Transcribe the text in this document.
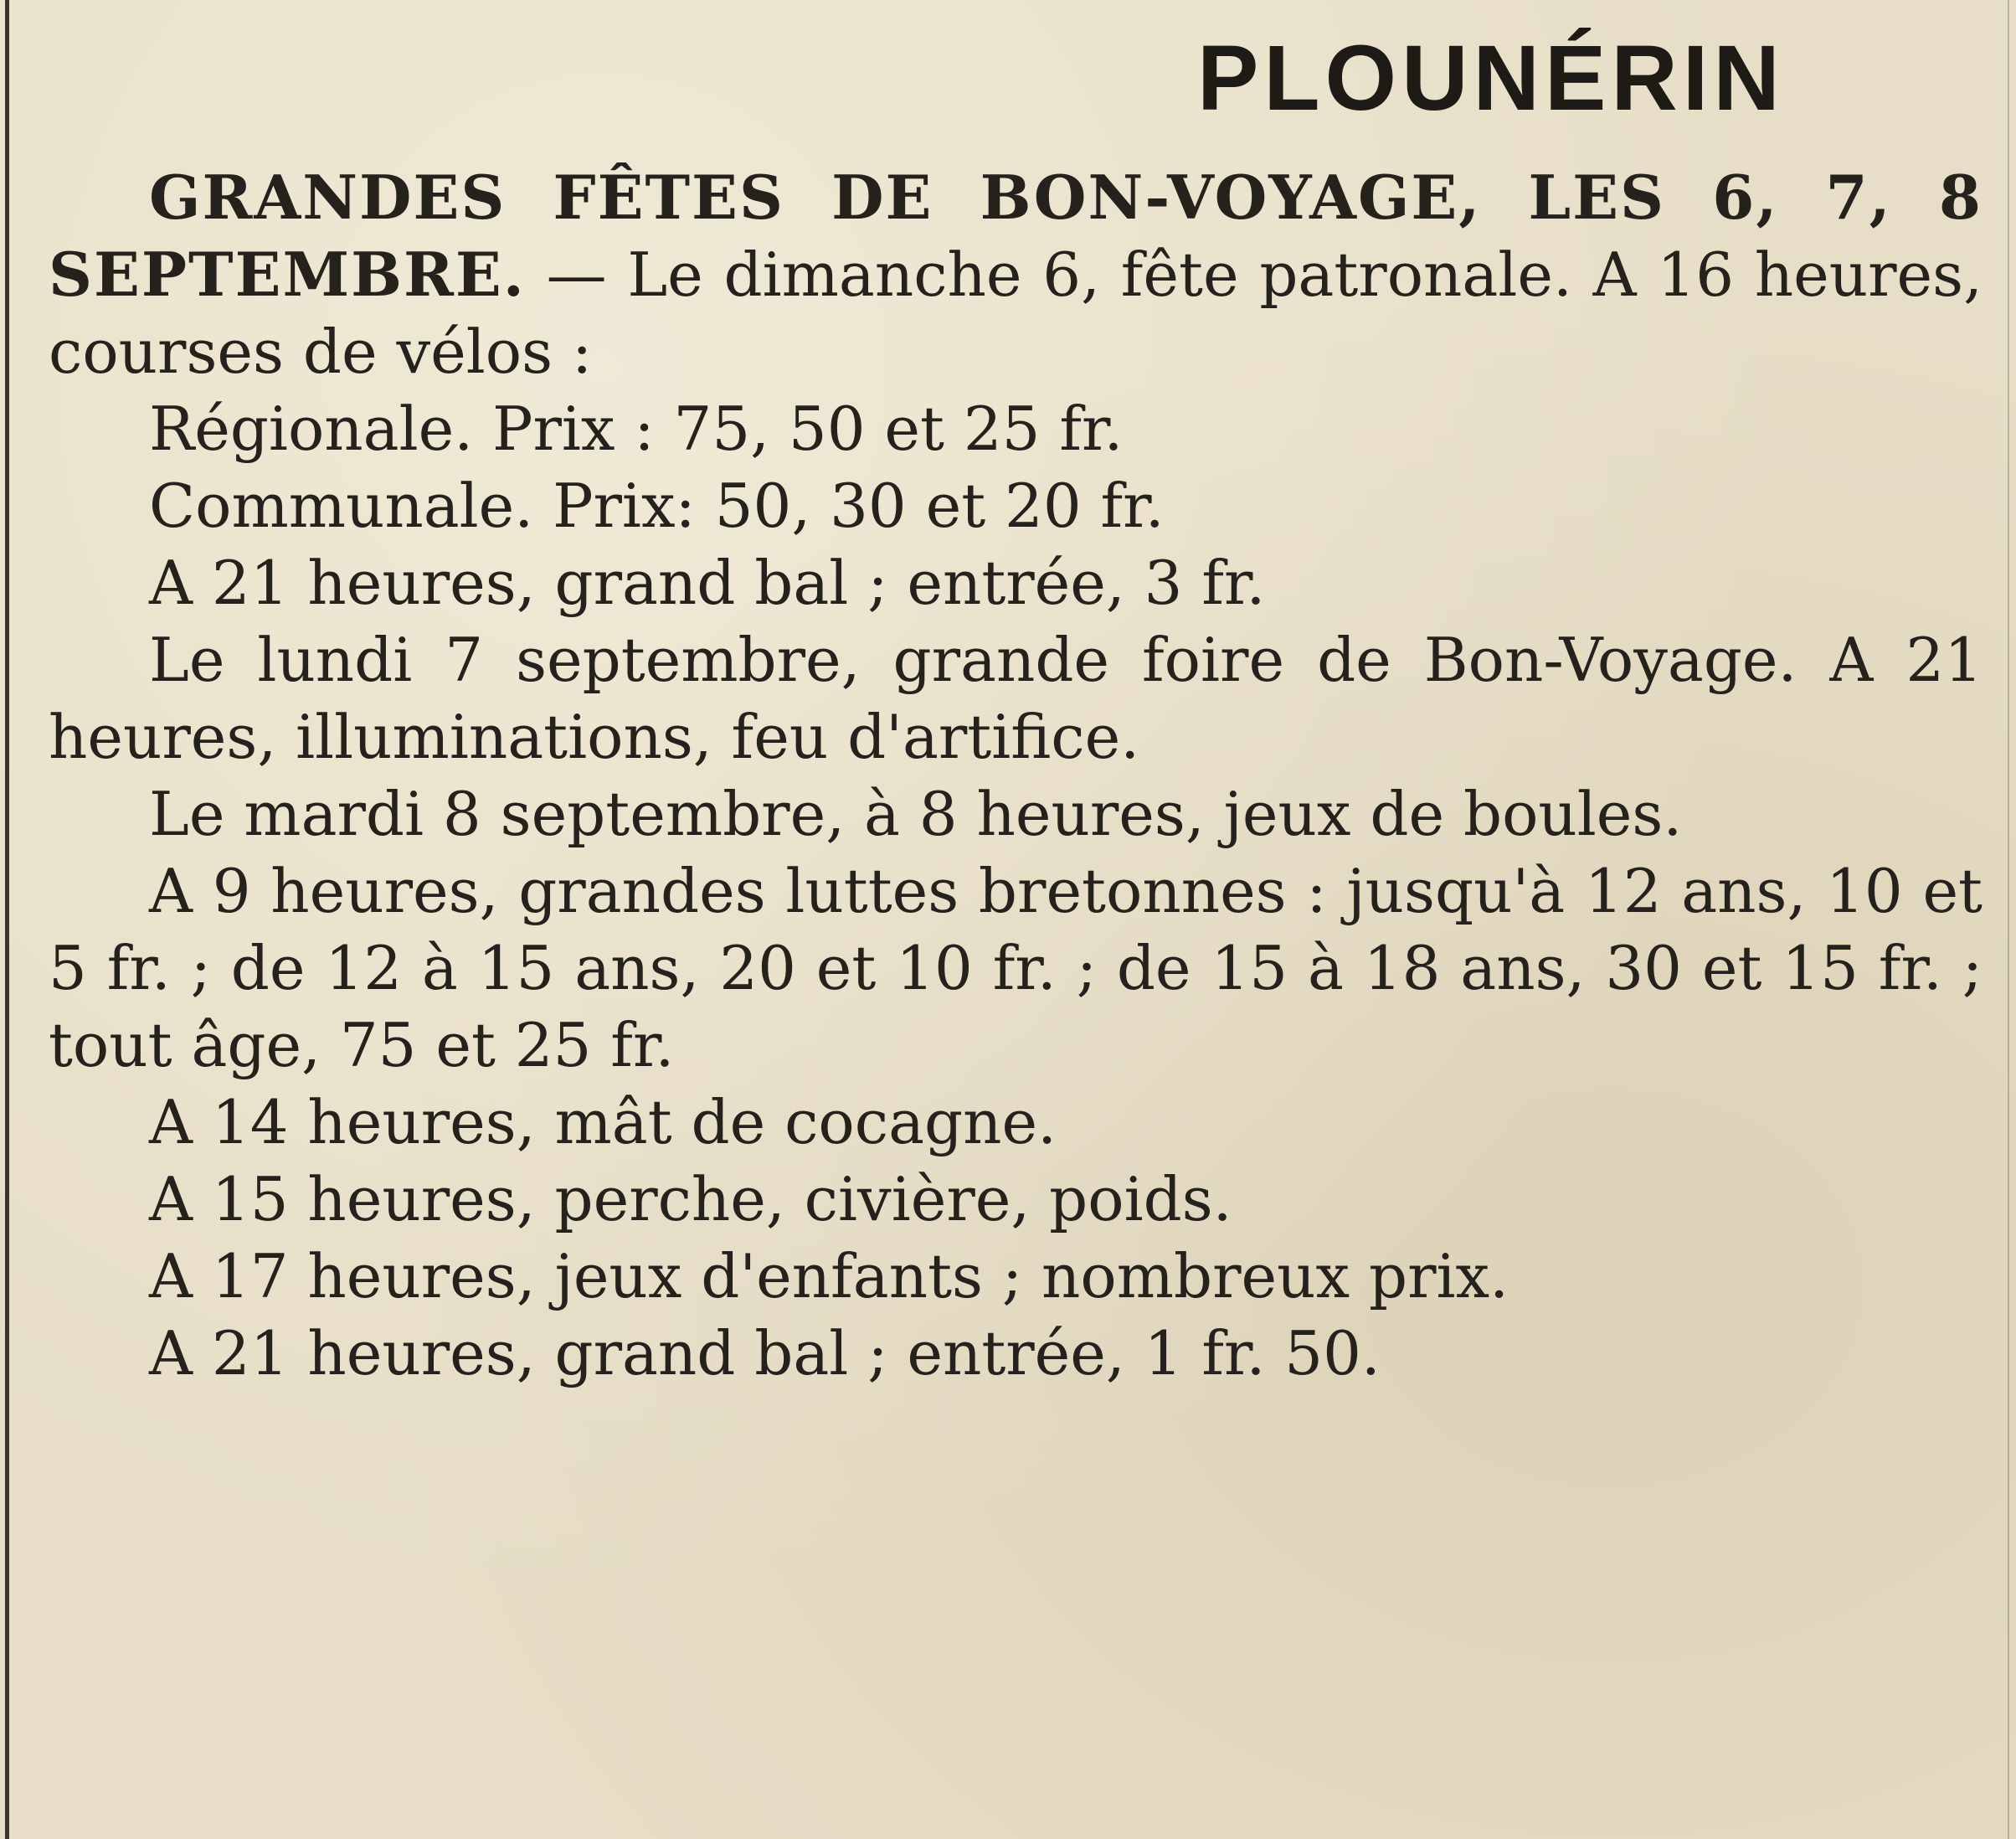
PLOUNÉRIN

GRANDES FÊTES DE BON-VOYAGE, LES 6, 7, 8 SEPTEMBRE. — Le dimanche 6, fête patronale. A 16 heures, courses de vélos :

Régionale. Prix : 75, 50 et 25 fr.

Communale. Prix: 50, 30 et 20 fr.

A 21 heures, grand bal ; entrée, 3 fr.

Le lundi 7 septembre, grande foire de Bon-Voyage. A 21 heures, illuminations, feu d'artifice.

Le mardi 8 septembre, à 8 heures, jeux de boules.

A 9 heures, grandes luttes bretonnes : jusqu'à 12 ans, 10 et 5 fr. ; de 12 à 15 ans, 20 et 10 fr. ; de 15 à 18 ans, 30 et 15 fr. ; tout âge, 75 et 25 fr.

A 14 heures, mât de cocagne.

A 15 heures, perche, civière, poids.

A 17 heures, jeux d'enfants ; nombreux prix.

A 21 heures, grand bal ; entrée, 1 fr. 50.
